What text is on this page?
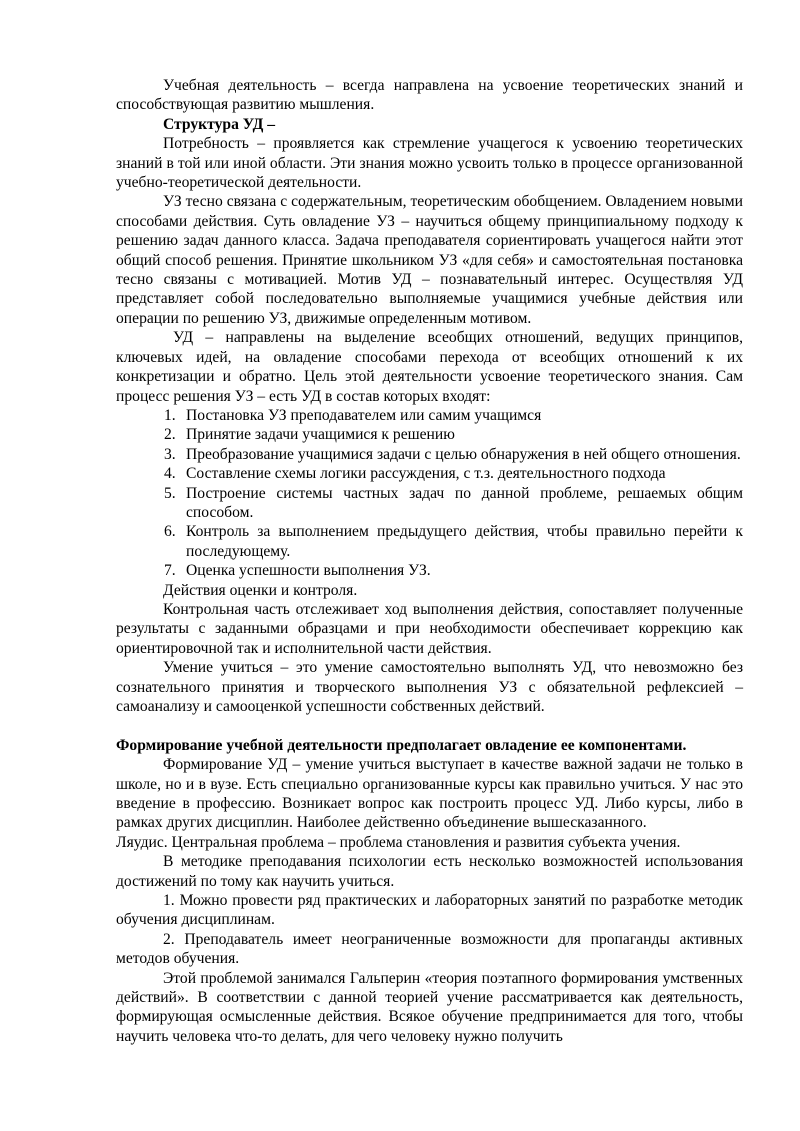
Учебная деятельность – всегда направлена на усвоение теоретических знаний и способствующая развитию мышления.

Структура УД –

Потребность – проявляется как стремление учащегося к усвоению теоретических знаний в той или иной области. Эти знания можно усвоить только в процессе организованной учебно-теоретической деятельности.

УЗ тесно связана с содержательным, теоретическим обобщением. Овладением новыми способами действия. Суть овладение УЗ – научиться общему принципиальному подходу к решению задач данного класса. Задача преподавателя сориентировать учащегося найти этот общий способ решения. Принятие школьником УЗ «для себя» и самостоятельная постановка тесно связаны с мотивацией. Мотив УД – познавательный интерес. Осуществляя УД представляет собой последовательно выполняемые учащимися учебные действия или операции по решению УЗ, движимые определенным мотивом.

УД – направлены на выделение всеобщих отношений, ведущих принципов, ключевых идей, на овладение способами перехода от всеобщих отношений к их конкретизации и обратно. Цель этой деятельности усвоение теоретического знания. Сам процесс решения УЗ – есть УД в состав которых входят:

1. Постановка УЗ преподавателем или самим учащимся
2. Принятие задачи учащимися к решению
3. Преобразование учащимися задачи с целью обнаружения в ней общего отношения.
4. Составление схемы логики рассуждения, с т.з. деятельностного подхода
5. Построение системы частных задач по данной проблеме, решаемых общим способом.
6. Контроль за выполнением предыдущего действия, чтобы правильно перейти к последующему.
7. Оценка успешности выполнения УЗ.

Действия оценки и контроля.

Контрольная часть отслеживает ход выполнения действия, сопоставляет полученные результаты с заданными образцами и при необходимости обеспечивает коррекцию как ориентировочной так и исполнительной части действия.

Умение учиться – это умение самостоятельно выполнять УД, что невозможно без сознательного принятия и творческого выполнения УЗ с обязательной рефлексией – самоанализу и самооценкой успешности собственных действий.

Формирование учебной деятельности предполагает овладение ее компонентами.

Формирование УД – умение учиться выступает в качестве важной задачи не только в школе, но и в вузе. Есть специально организованные курсы как правильно учиться. У нас это введение в профессию. Возникает вопрос как построить процесс УД. Либо курсы, либо в рамках других дисциплин. Наиболее действенно объединение вышесказанного.

Ляудис. Центральная проблема – проблема становления и развития субъекта учения.

В методике преподавания психологии есть несколько возможностей использования достижений по тому как научить учиться.

1. Можно провести ряд практических и лабораторных занятий по разработке методик обучения дисциплинам.

2. Преподаватель имеет неограниченные возможности для пропаганды активных методов обучения.

Этой проблемой занимался Гальперин «теория поэтапного формирования умственных действий». В соответствии с данной теорией учение рассматривается как деятельность, формирующая осмысленные действия. Всякое обучение предпринимается для того, чтобы научить человека что-то делать, для чего человеку нужно получить
